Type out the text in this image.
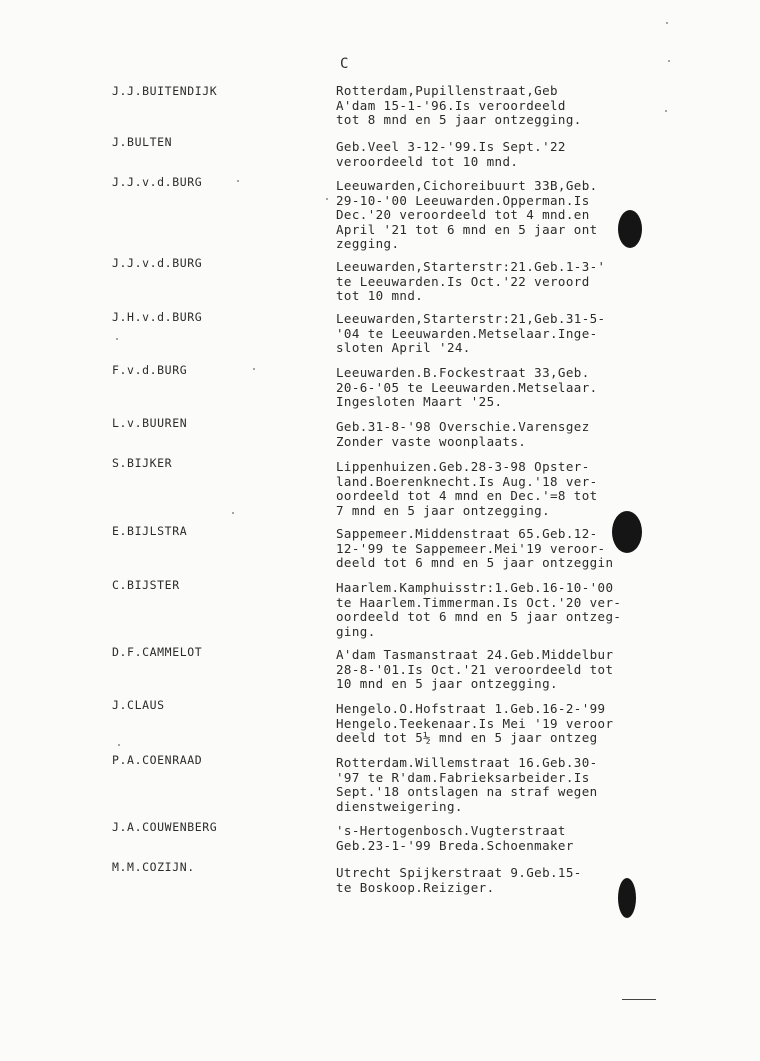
C
J.J.BUITENDIJK	Rotterdam,Pupillenstraat,Geb
A'dam 15-1-'96.Is veroordeeld
tot 8 mnd en 5 jaar ontzegging.
J.BULTEN	Geb.Veel 3-12-'99.Is Sept.'22
veroordeeld tot 10 mnd.
J.J.v.d.BURG	Leeuwarden,Cichoreibuurt 33B,Geb.
29-10-'00 Leeuwarden.Opperman.Is
Dec.'20 veroordeeld tot 4 mnd.en
April '21 tot 6 mnd en 5 jaar ont
zegging.
J.J.v.d.BURG	Leeuwarden,Starterstr:21.Geb.1-3-'
te Leeuwarden.Is Oct.'22 veroord
tot 10 mnd.
J.H.v.d.BURG	Leeuwarden,Starterstr:21,Geb.31-5-
'04 te Leeuwarden.Metselaar.Inge-
sloten April '24.
F.v.d.BURG	Leeuwarden.B.Fockestraat 33,Geb.
20-6-'05 te Leeuwarden.Metselaar.
Ingesloten Maart '25.
L.v.BUUREN	Geb.31-8-'98 Overschie.Varensgez
Zonder vaste woonplaats.
S.BIJKER	Lippenhuizen.Geb.28-3-98 Opster-
land.Boerenknecht.Is Aug.'18 ver-
oordeeld tot 4 mnd en Dec.'=8 tot
7 mnd en 5 jaar ontzegging.
E.BIJLSTRA	Sappemeer.Middenstraat 65.Geb.12-
12-'99 te Sappemeer.Mei'19 veroor-
deeld tot 6 mnd en 5 jaar ontzeggin
C.BIJSTER	Haarlem.Kamphuisstr:1.Geb.16-10-'00
te Haarlem.Timmerman.Is Oct.'20 ver-
oordeeld tot 6 mnd en 5 jaar ontzeg-
ging.
D.F.CAMMELOT	A'dam Tasmanstraat 24.Geb.Middelbur
28-8-'01.Is Oct.'21 veroordeeld tot
10 mnd en 5 jaar ontzegging.
J.CLAUS	Hengelo.O.Hofstraat 1.Geb.16-2-'99
Hengelo.Teekenaar.Is Mei '19 veroor
deeld tot 5½ mnd en 5 jaar ontzeg
P.A.COENRAAD	Rotterdam.Willemstraat 16.Geb.30-
'97 te R'dam.Fabrieksarbeider.Is
Sept.'18 ontslagen na straf wegen
dienstweigering.
J.A.COUWENBERG	's-Hertogenbosch.Vugterstraat
Geb.23-1-'99 Breda.Schoenmaker
M.M.COZIJN.	Utrecht Spijkerstraat 9.Geb.15-
te Boskoop.Reiziger.
